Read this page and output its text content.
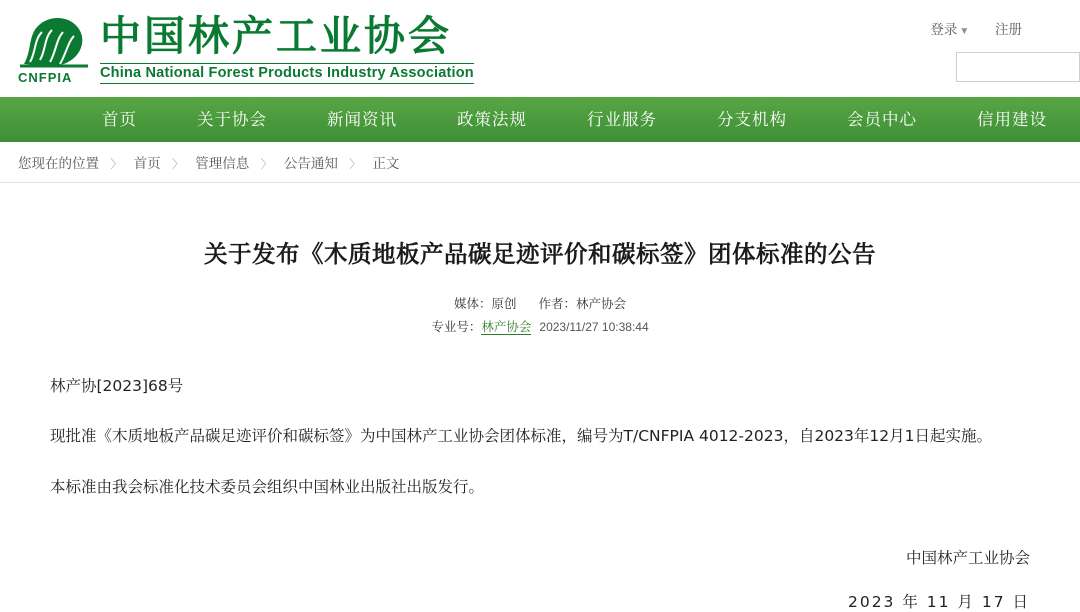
CNFPIA
中国林产工业协会
China National Forest Products Industry Association
登录 ▼ 注册
首页	关于协会	新闻资讯	政策法规	行业服务	分支机构	会员中心	信用建设
您现在的位置 〉 首页 〉 管理信息 〉 公告通知 〉 正文
关于发布《木质地板产品碳足迹评价和碳标签》团体标准的公告
媒体：原创 作者：林产协会
专业号：林产协会 2023/11/27 10:38:44

林产协[2023]68号

现批准《木质地板产品碳足迹评价和碳标签》为中国林产工业协会团体标准，编号为T/CNFPIA 4012-2023，自2023年12月1日起实施。

本标准由我会标准化技术委员会组织中国林业出版社出版发行。

中国林产工业协会
2023 年 11 月 17 日
